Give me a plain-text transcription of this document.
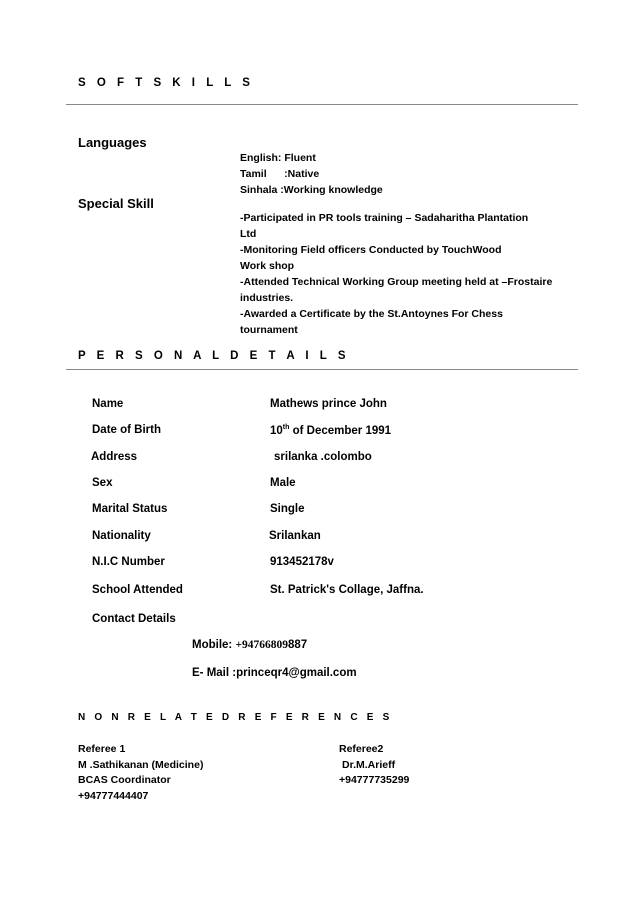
S O F T S K I L L S
Languages
English: Fluent
Tamil      :Native
Sinhala :Working knowledge
Special Skill
-Participated in PR tools training – Sadaharitha Plantation
Ltd
-Monitoring Field officers Conducted by TouchWood
Work shop
-Attended Technical Working Group meeting held at –Frostaire
industries.
-Awarded a Certificate by the St.Antoynes For Chess
tournament
P E R S O N A L D E T A I L S
Name	Mathews prince John
Date of Birth	10th of December 1991
Address	srilanka .colombo
Sex	Male
Marital Status	Single
Nationality	Srilankan
N.I.C Number	913452178v
School Attended	St. Patrick's Collage, Jaffna.
Contact Details
Mobile: +94766809887
E- Mail :princeqr4@gmail.com
N O N R E L A T E D R E F E R E N C E S
Referee 1
M .Sathikanan (Medicine)
BCAS Coordinator
+94777444407
Referee2
Dr.M.Arieff
+94777735299
